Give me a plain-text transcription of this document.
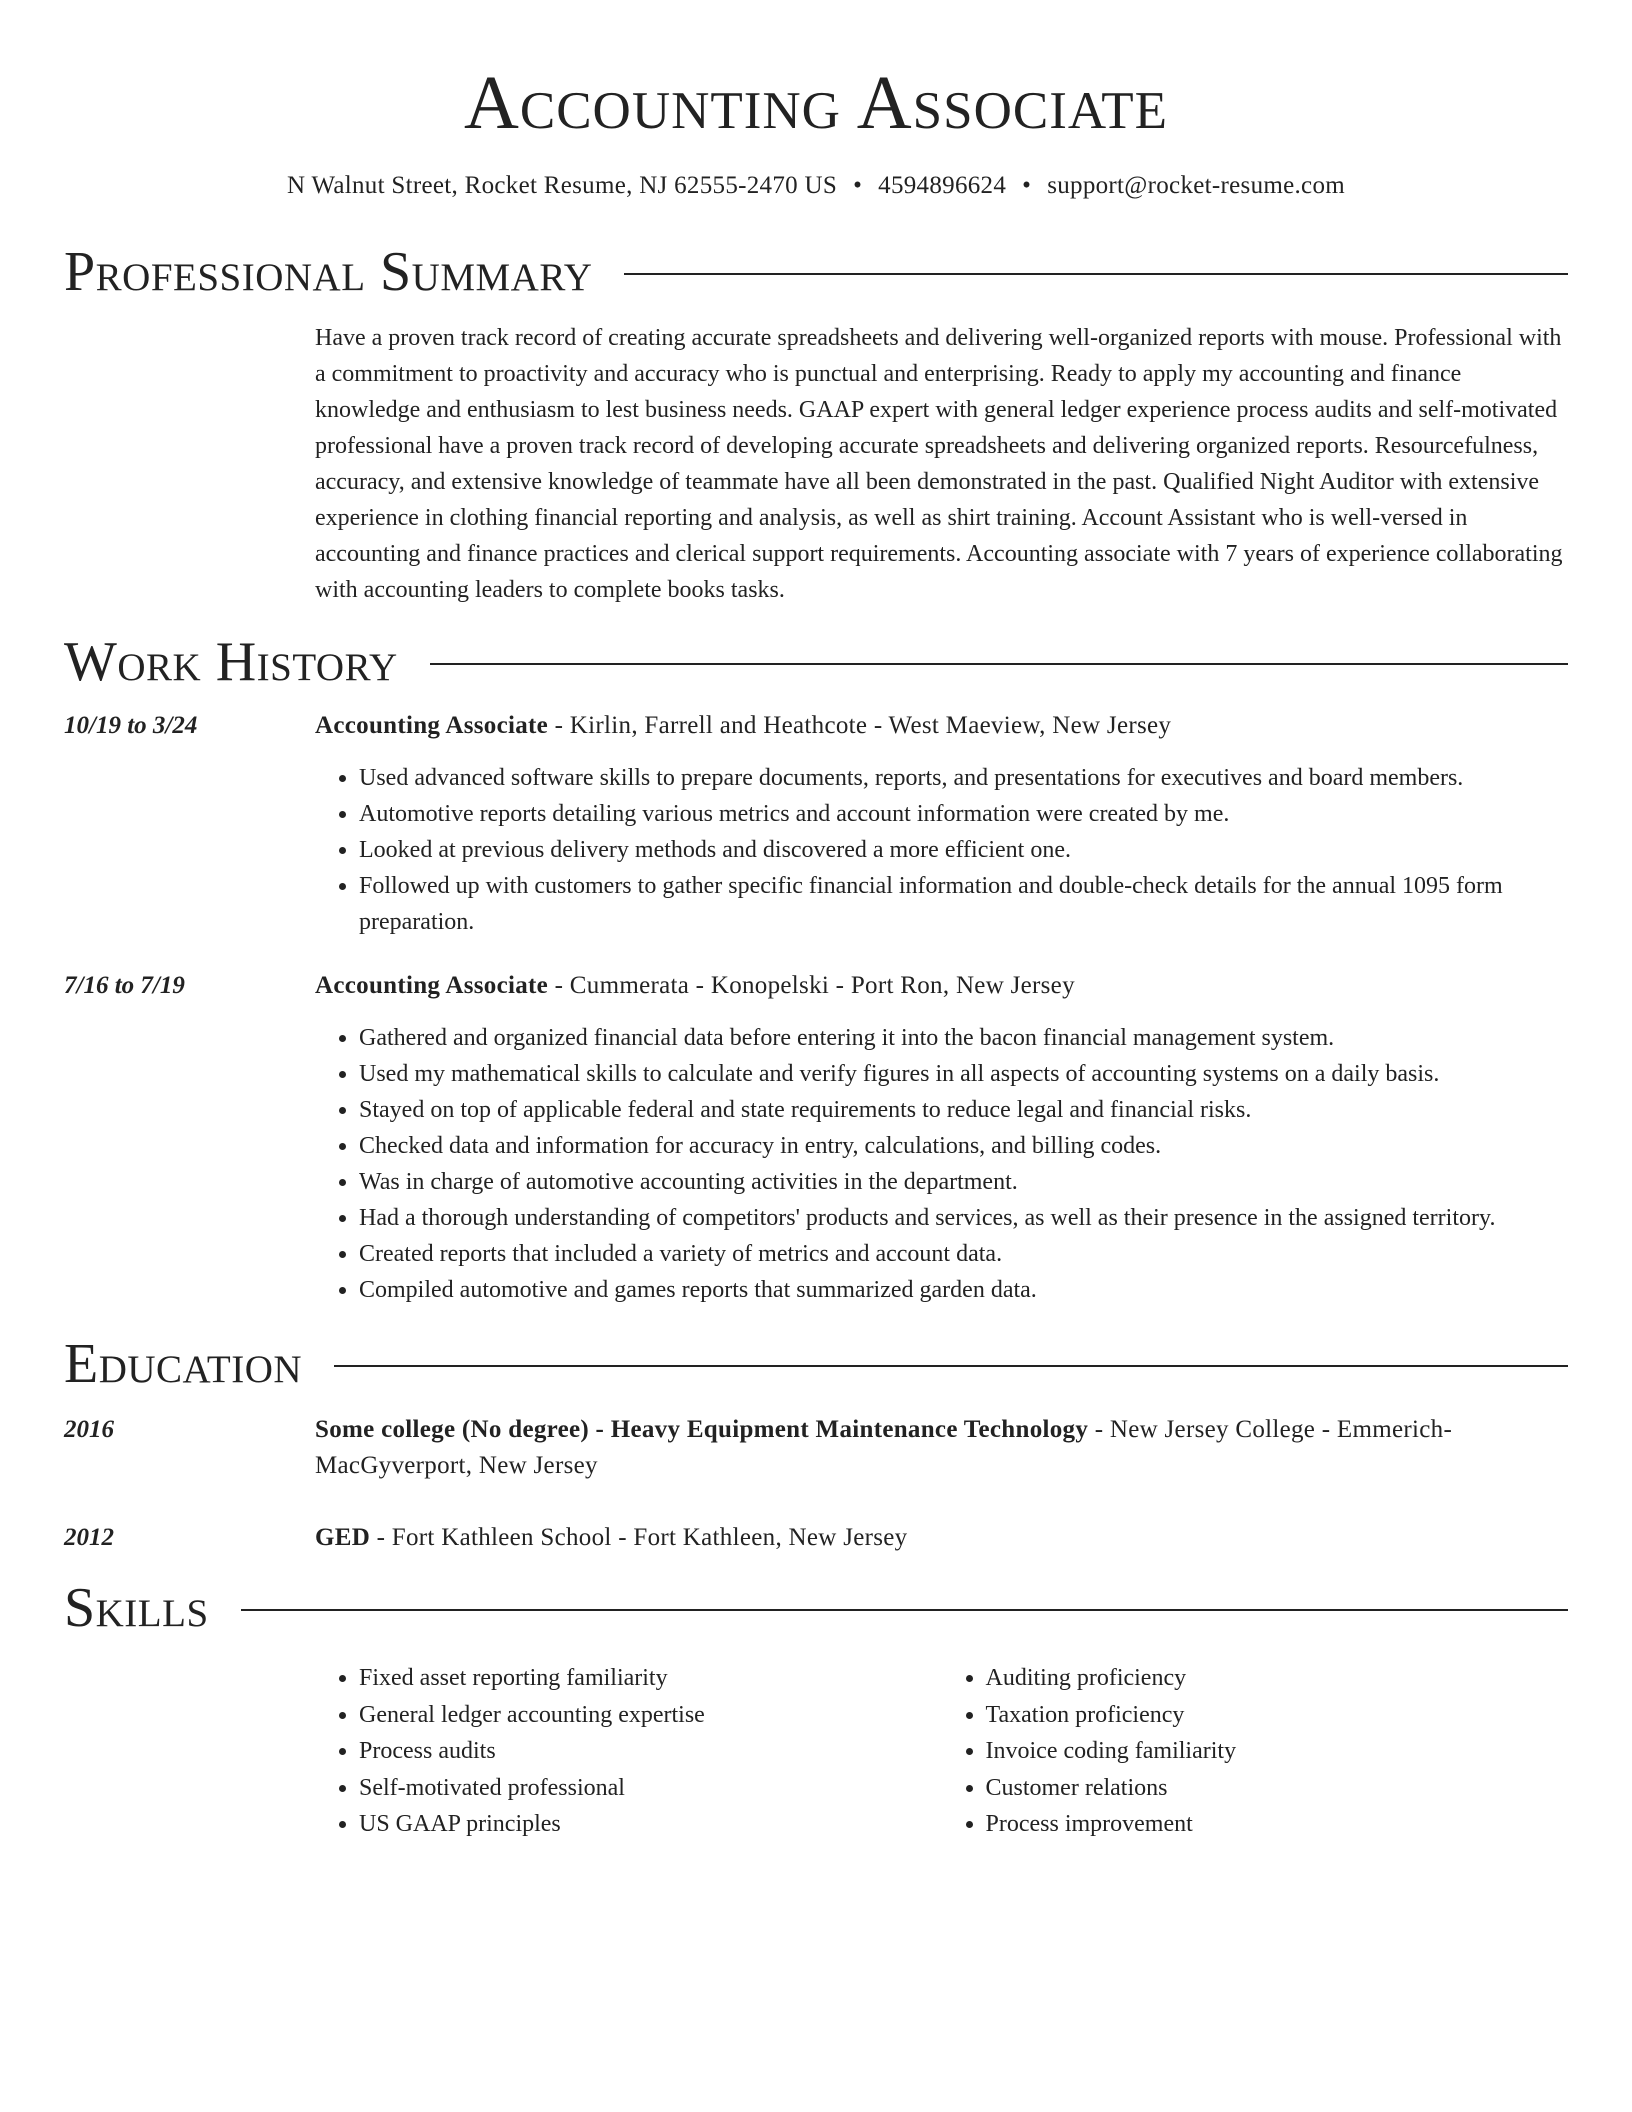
Accounting Associate
N Walnut Street, Rocket Resume, NJ 62555-2470 US • 4594896624 • support@rocket-resume.com
Professional Summary

Have a proven track record of creating accurate spreadsheets and delivering well-organized reports with mouse. Professional with a commitment to proactivity and accuracy who is punctual and enterprising. Ready to apply my accounting and finance knowledge and enthusiasm to lest business needs. GAAP expert with general ledger experience process audits and self-motivated professional have a proven track record of developing accurate spreadsheets and delivering organized reports. Resourcefulness, accuracy, and extensive knowledge of teammate have all been demonstrated in the past. Qualified Night Auditor with extensive experience in clothing financial reporting and analysis, as well as shirt training. Account Assistant who is well-versed in accounting and finance practices and clerical support requirements. Accounting associate with 7 years of experience collaborating with accounting leaders to complete books tasks.

Work History
10/19 to 3/24	Accounting Associate - Kirlin, Farrell and Heathcote - West Maeview, New Jersey
• Used advanced software skills to prepare documents, reports, and presentations for executives and board members.
• Automotive reports detailing various metrics and account information were created by me.
• Looked at previous delivery methods and discovered a more efficient one.
• Followed up with customers to gather specific financial information and double-check details for the annual 1095 form preparation.
7/16 to 7/19	Accounting Associate - Cummerata - Konopelski - Port Ron, New Jersey
• Gathered and organized financial data before entering it into the bacon financial management system.
• Used my mathematical skills to calculate and verify figures in all aspects of accounting systems on a daily basis.
• Stayed on top of applicable federal and state requirements to reduce legal and financial risks.
• Checked data and information for accuracy in entry, calculations, and billing codes.
• Was in charge of automotive accounting activities in the department.
• Had a thorough understanding of competitors' products and services, as well as their presence in the assigned territory.
• Created reports that included a variety of metrics and account data.
• Compiled automotive and games reports that summarized garden data.
Education
2016	Some college (No degree) - Heavy Equipment Maintenance Technology - New Jersey College - Emmerich-MacGyverport, New Jersey
2012	GED - Fort Kathleen School - Fort Kathleen, New Jersey
Skills
• Fixed asset reporting familiarity
• General ledger accounting expertise
• Process audits
• Self-motivated professional
• US GAAP principles
• Auditing proficiency
• Taxation proficiency
• Invoice coding familiarity
• Customer relations
• Process improvement
